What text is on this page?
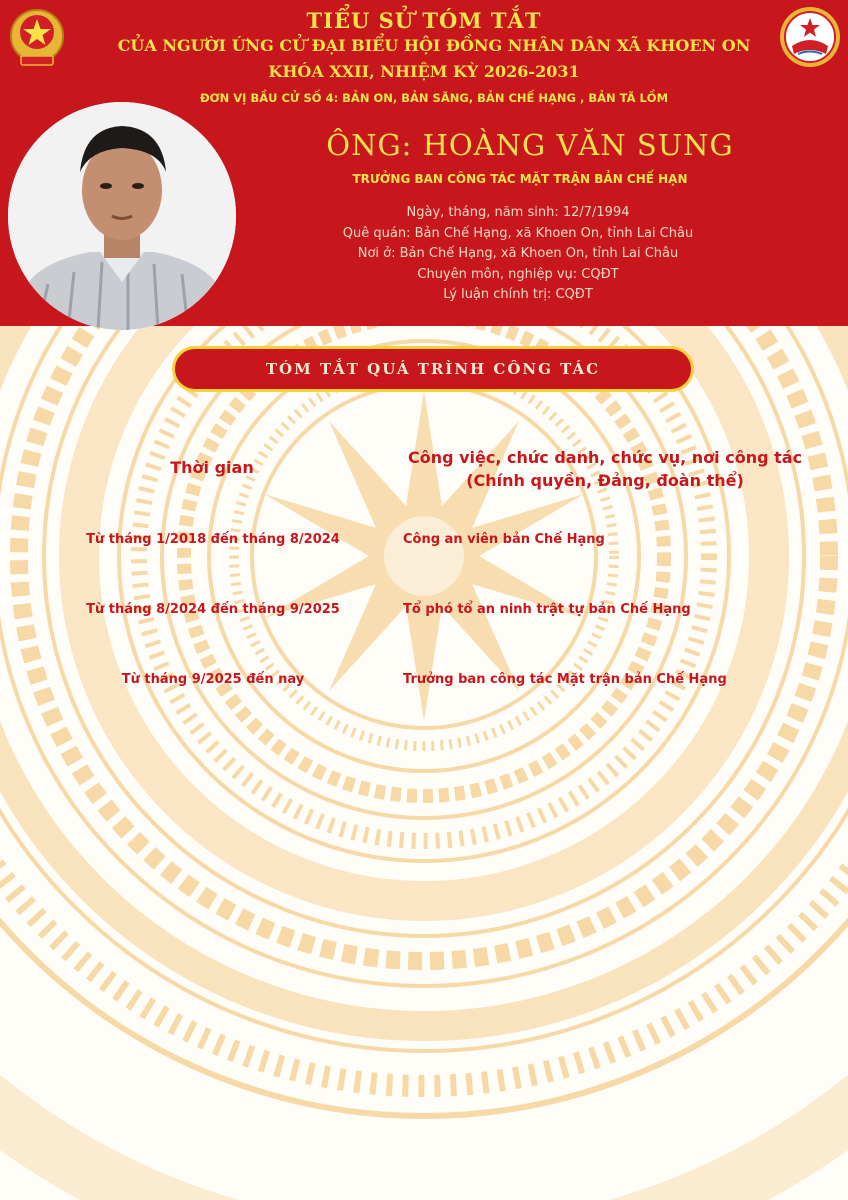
TIỂU SỬ TÓM TẮT
CỦA NGƯỜI ỨNG CỬ ĐẠI BIỂU HỘI ĐỒNG NHÂN DÂN XÃ KHOEN ON
KHÓA XXII, NHIỆM KỲ 2026-2031
ĐƠN VỊ BẦU CỬ SỐ 4: BẢN ON, BẢN SĂNG, BẢN CHẾ HẠNG , BẢN TÃ LỒM
ÔNG: HOÀNG VĂN SUNG
TRƯỞNG BAN CÔNG TÁC MẶT TRẬN BẢN CHẾ HẠN
Ngày, tháng, năm sinh: 12/7/1994
Quê quán: Bản Chế Hạng, xã Khoen On, tỉnh Lai Châu
Nơi ở: Bản Chế Hạng, xã Khoen On, tỉnh Lai Châu
Chuyên môn, nghiệp vụ: CQĐT
Lý luận chính trị: CQĐT
TÓM TẮT QUÁ TRÌNH CÔNG TÁC
Thời gian
Công việc, chức danh, chức vụ, nơi công tác
(Chính quyền, Đảng, đoàn thể)
Từ tháng 1/2018 đến tháng 8/2024	Công an viên bản Chế Hạng
Từ tháng 8/2024 đến tháng 9/2025	Tổ phó tổ an ninh trật tự bản Chế Hạng
Từ tháng 9/2025 đến nay	Trưởng ban công tác Mặt trận bản Chế Hạng
